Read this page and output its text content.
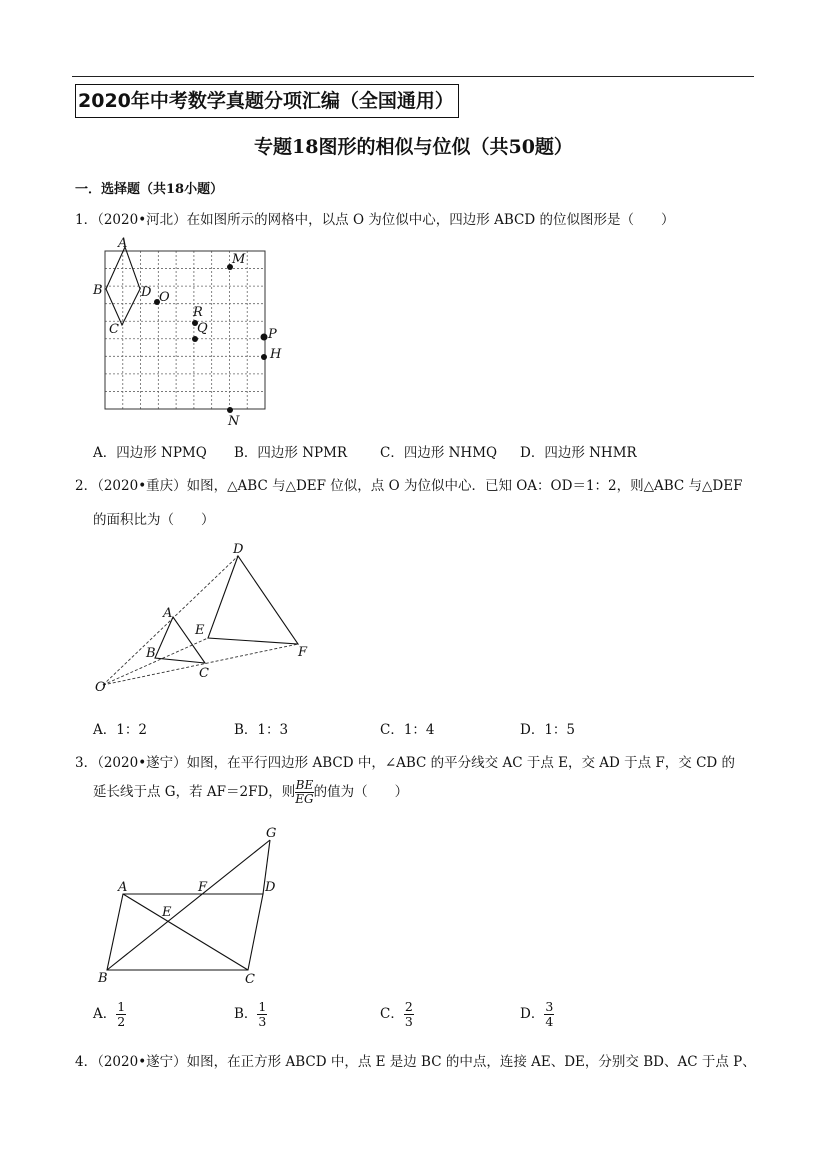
2020年中考数学真题分项汇编（全国通用）
专题18图形的相似与位似（共50题）
一．选择题（共18小题）
1．（2020•河北）在如图所示的网格中，以点 O 为位似中心，四边形 ABCD 的位似图形是（　　）
A
B
C
D O
M
R
Q	P
H
N
A．四边形 NPMQ B．四边形 NPMR C．四边形 NHMQ D．四边形 NHMR
2．（2020•重庆）如图，△ABC 与△DEF 位似，点 O 为位似中心．已知 OA：OD＝1：2，则△ABC 与△DEF
的面积比为（　　）
D
A
E
B
C
F
O
A．1：2	B．1：3	C．1：4	D．1：5
3．（2020•遂宁）如图，在平行四边形 ABCD 中，∠ABC 的平分线交 AC 于点 E，交 AD 于点 F，交 CD 的
延长线于点 G，若 AF＝2FD，则 $\frac{BE}{EG}$ 的值为（　　）
G
A	F	D
E
B	C
A． $\frac{1}{2}$	B． $\frac{1}{3}$	C． $\frac{2}{3}$	D． $\frac{3}{4}$
4．（2020•遂宁）如图，在正方形 ABCD 中，点 E 是边 BC 的中点，连接 AE、DE，分别交 BD、AC 于点 P、
